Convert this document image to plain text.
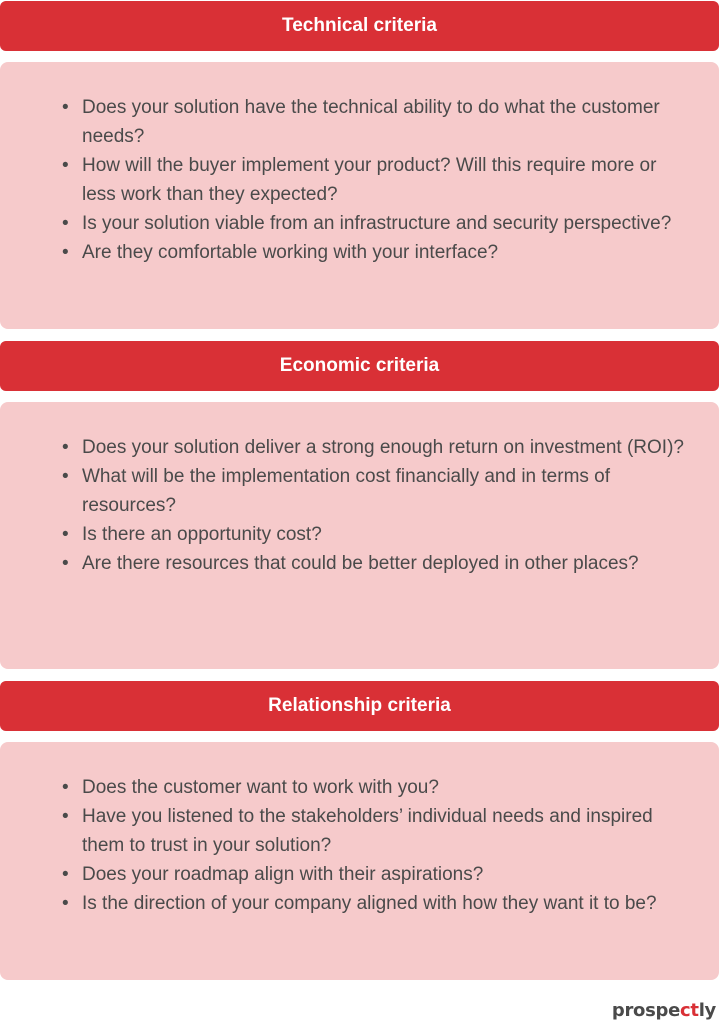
Technical criteria
• Does your solution have the technical ability to do what the customer needs?
• How will the buyer implement your product? Will this require more or less work than they expected?
• Is your solution viable from an infrastructure and security perspective?
• Are they comfortable working with your interface?
Economic criteria
• Does your solution deliver a strong enough return on investment (ROI)?
• What will be the implementation cost financially and in terms of resources?
• Is there an opportunity cost?
• Are there resources that could be better deployed in other places?
Relationship criteria
• Does the customer want to work with you?
• Have you listened to the stakeholders’ individual needs and inspired them to trust in your solution?
• Does your roadmap align with their aspirations?
• Is the direction of your company aligned with how they want it to be?
prospectly
